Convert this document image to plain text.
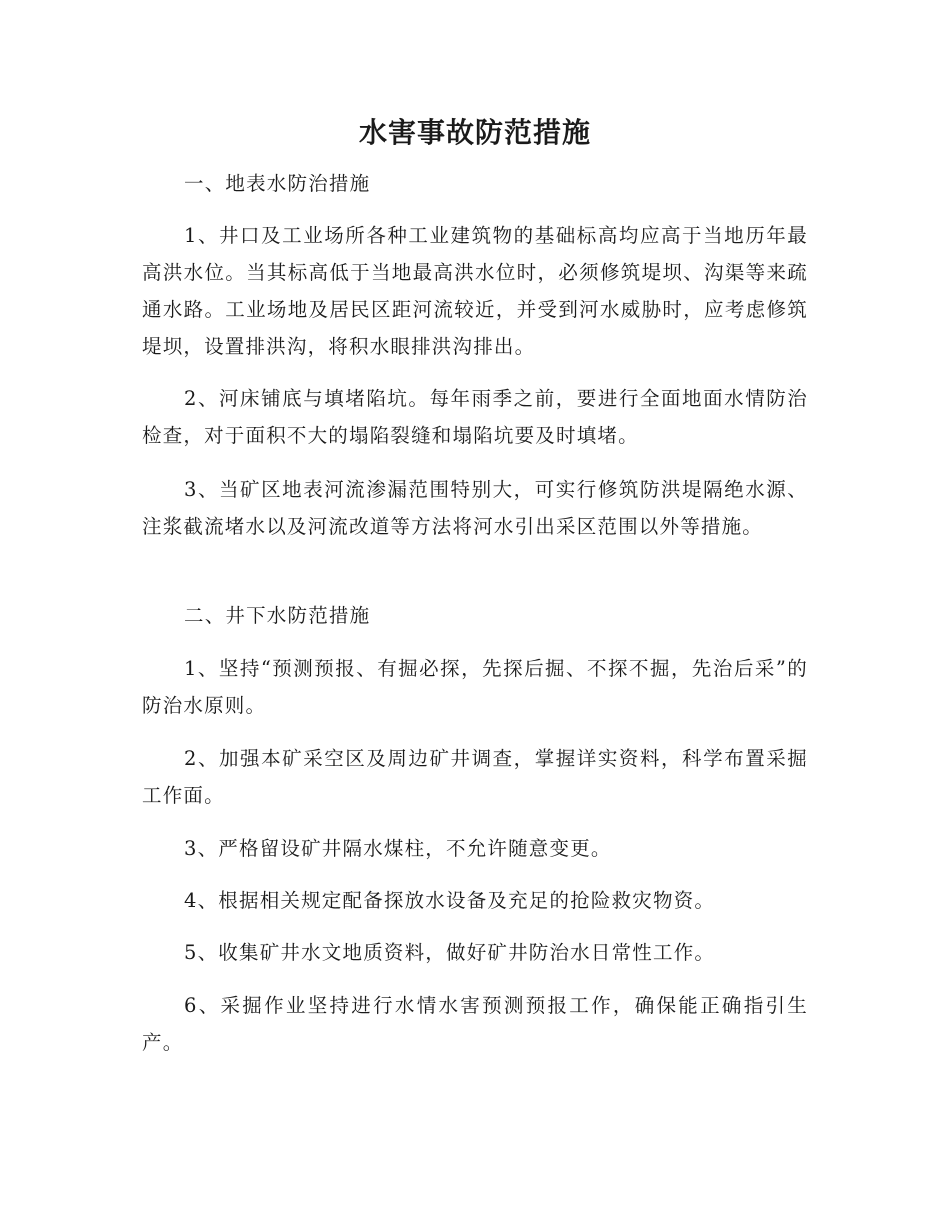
水害事故防范措施

一、地表水防治措施

1、井口及工业场所各种工业建筑物的基础标高均应高于当地历年最高洪水位。当其标高低于当地最高洪水位时，必须修筑堤坝、沟渠等来疏通水路。工业场地及居民区距河流较近，并受到河水威胁时，应考虑修筑堤坝，设置排洪沟，将积水眼排洪沟排出。

2、河床铺底与填堵陷坑。每年雨季之前，要进行全面地面水情防治检查，对于面积不大的塌陷裂缝和塌陷坑要及时填堵。

3、当矿区地表河流渗漏范围特别大，可实行修筑防洪堤隔绝水源、注浆截流堵水以及河流改道等方法将河水引出采区范围以外等措施。

二、井下水防范措施

1、坚持“预测预报、有掘必探，先探后掘、不探不掘，先治后采”的防治水原则。

2、加强本矿采空区及周边矿井调查，掌握详实资料，科学布置采掘工作面。

3、严格留设矿井隔水煤柱，不允许随意变更。

4、根据相关规定配备探放水设备及充足的抢险救灾物资。

5、收集矿井水文地质资料，做好矿井防治水日常性工作。

6、采掘作业坚持进行水情水害预测预报工作，确保能正确指引生产。
